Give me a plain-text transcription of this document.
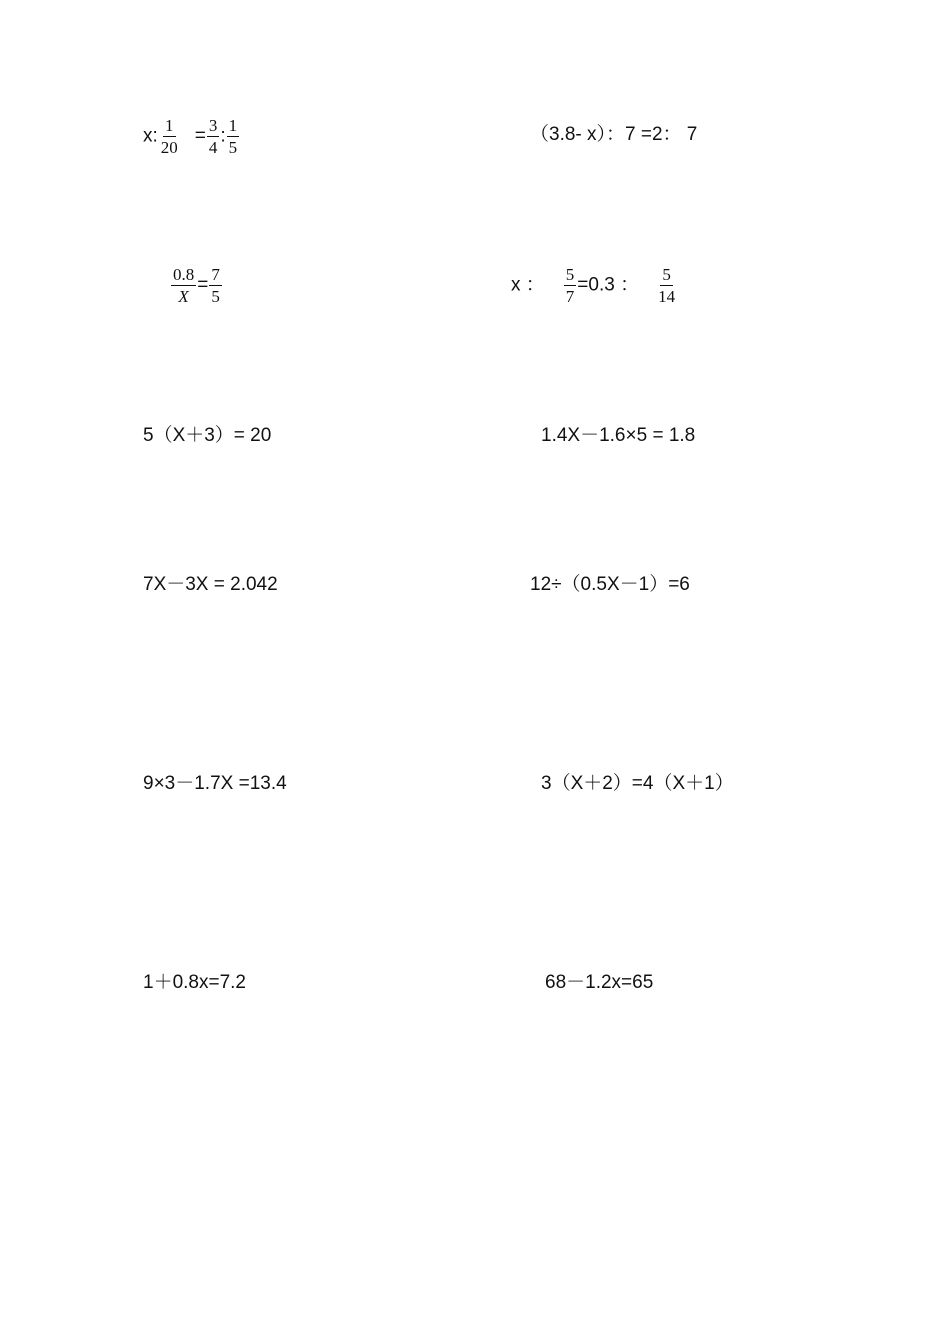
x: $\frac{1}{20} = \frac{3}{4}$ : $\frac{1}{5}$	（3.8- x）：7 =2： 7
$\frac{0.8}{X} = \frac{7}{5}$	x ： $\frac{5}{7} =0.3$ ： $\frac{5}{14}$
5（X＋3）= 20	1.4X－1.6×5 = 1.8
7X－3X = 2.042	12÷（0.5X－1）=6
9×3－1.7X =13.4	3（X＋2）=4（X＋1）
1＋0.8x=7.2	68－1.2x=65
